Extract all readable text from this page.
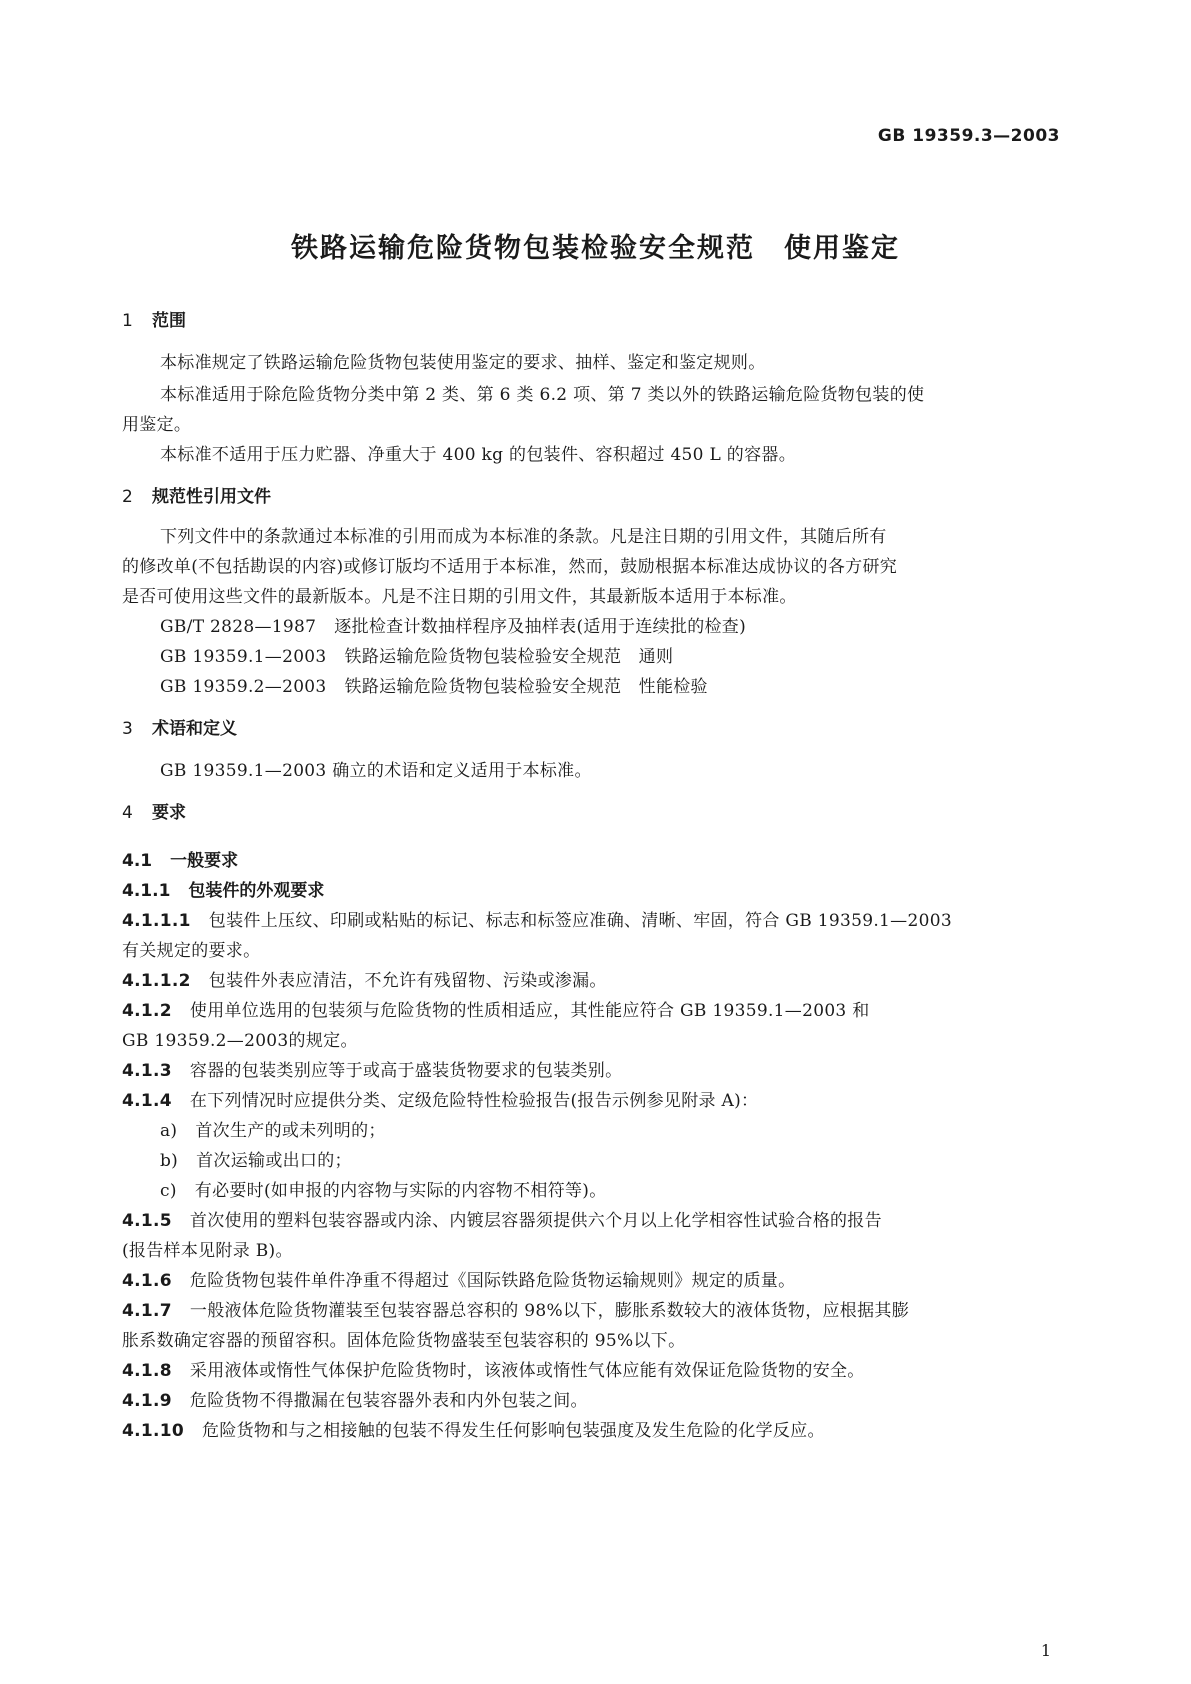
GB 19359.3—2003
铁路运输危险货物包装检验安全规范　使用鉴定
1 范围
本标准规定了铁路运输危险货物包装使用鉴定的要求、抽样、鉴定和鉴定规则。
本标准适用于除危险货物分类中第 2 类、第 6 类 6.2 项、第 7 类以外的铁路运输危险货物包装的使
用鉴定。
本标准不适用于压力贮器、净重大于 400 kg 的包装件、容积超过 450 L 的容器。
2 规范性引用文件
下列文件中的条款通过本标准的引用而成为本标准的条款。凡是注日期的引用文件，其随后所有
的修改单(不包括勘误的内容)或修订版均不适用于本标准，然而，鼓励根据本标准达成协议的各方研究
是否可使用这些文件的最新版本。凡是不注日期的引用文件，其最新版本适用于本标准。
GB/T 2828—1987 逐批检查计数抽样程序及抽样表(适用于连续批的检查)
GB 19359.1—2003 铁路运输危险货物包装检验安全规范　通则
GB 19359.2—2003 铁路运输危险货物包装检验安全规范　性能检验
3 术语和定义
GB 19359.1—2003 确立的术语和定义适用于本标准。
4 要求
4.1 一般要求
4.1.1 包装件的外观要求
4.1.1.1 包装件上压纹、印刷或粘贴的标记、标志和标签应准确、清晰、牢固，符合 GB 19359.1—2003
有关规定的要求。
4.1.1.2 包装件外表应清洁，不允许有残留物、污染或渗漏。
4.1.2 使用单位选用的包装须与危险货物的性质相适应，其性能应符合 GB 19359.1—2003 和
GB 19359.2—2003的规定。
4.1.3 容器的包装类别应等于或高于盛装货物要求的包装类别。
4.1.4 在下列情况时应提供分类、定级危险特性检验报告(报告示例参见附录 A)：
a) 首次生产的或未列明的；
b) 首次运输或出口的；
c) 有必要时(如申报的内容物与实际的内容物不相符等)。
4.1.5 首次使用的塑料包装容器或内涂、内镀层容器须提供六个月以上化学相容性试验合格的报告
(报告样本见附录 B)。
4.1.6 危险货物包装件单件净重不得超过《国际铁路危险货物运输规则》规定的质量。
4.1.7 一般液体危险货物灌装至包装容器总容积的 98%以下，膨胀系数较大的液体货物，应根据其膨
胀系数确定容器的预留容积。固体危险货物盛装至包装容积的 95%以下。
4.1.8 采用液体或惰性气体保护危险货物时，该液体或惰性气体应能有效保证危险货物的安全。
4.1.9 危险货物不得撒漏在包装容器外表和内外包装之间。
4.1.10 危险货物和与之相接触的包装不得发生任何影响包装强度及发生危险的化学反应。
1
